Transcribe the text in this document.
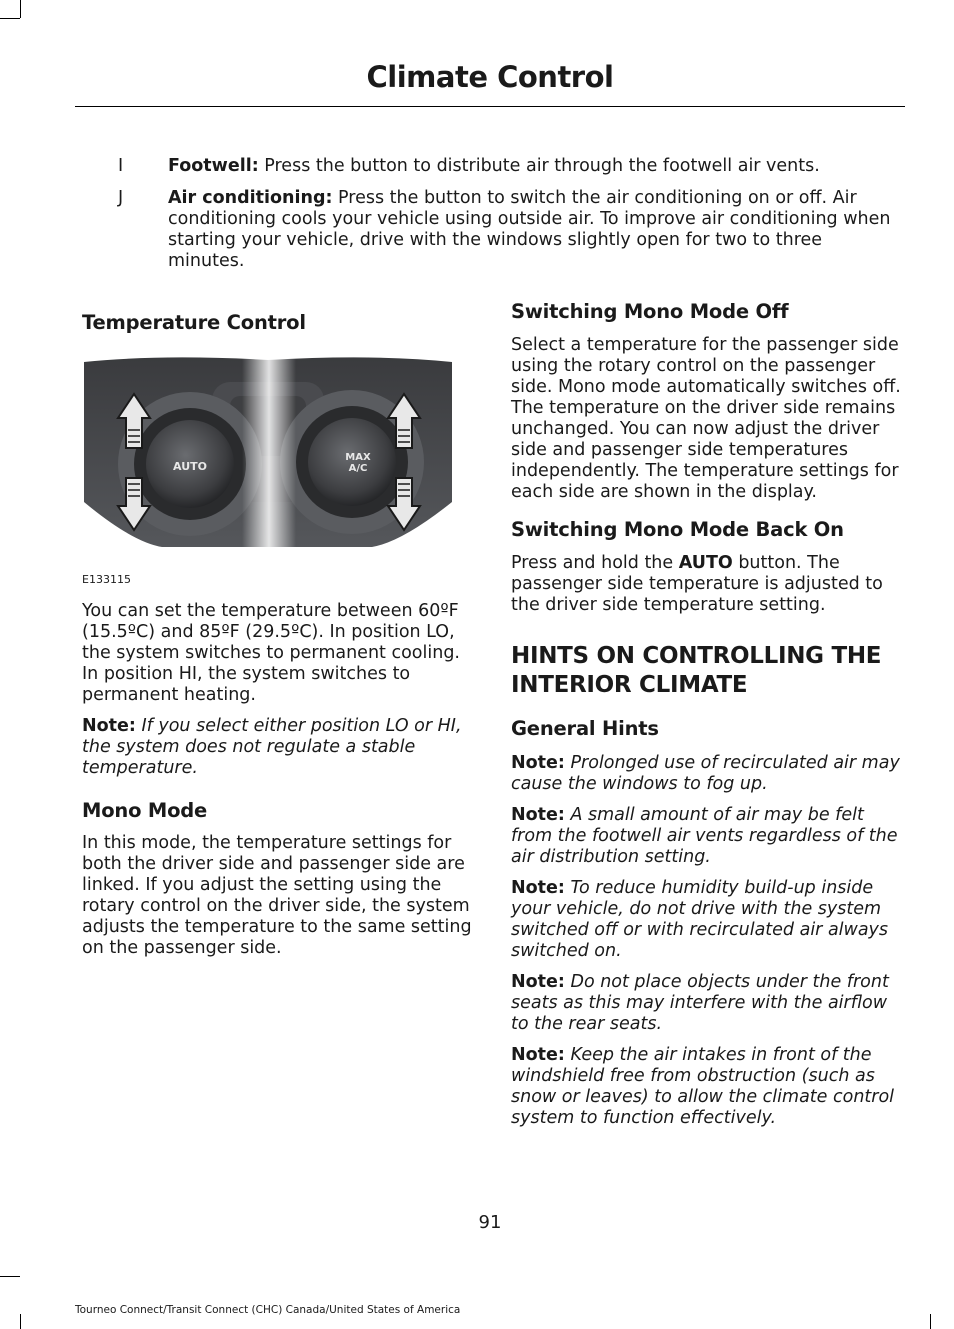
Climate Control
I	Footwell: Press the button to distribute air through the footwell air vents.
J	Air conditioning: Press the button to switch the air conditioning on or off. Air conditioning cools your vehicle using outside air. To improve air conditioning when starting your vehicle, drive with the windows slightly open for two to three minutes.

Temperature Control

AUTO
MAX
A/C
E133115

You can set the temperature between 60ºF (15.5ºC) and 85ºF (29.5ºC). In position LO, the system switches to permanent cooling. In position HI, the system switches to permanent heating.

Note: If you select either position LO or HI, the system does not regulate a stable temperature.

Mono Mode

In this mode, the temperature settings for both the driver side and passenger side are linked. If you adjust the setting using the rotary control on the driver side, the system adjusts the temperature to the same setting on the passenger side.

Switching Mono Mode Off

Select a temperature for the passenger side using the rotary control on the passenger side. Mono mode automatically switches off. The temperature on the driver side remains unchanged. You can now adjust the driver side and passenger side temperatures independently. The temperature settings for each side are shown in the display.

Switching Mono Mode Back On

Press and hold the AUTO button. The passenger side temperature is adjusted to the driver side temperature setting.

HINTS ON CONTROLLING THE INTERIOR CLIMATE

General Hints

Note: Prolonged use of recirculated air may cause the windows to fog up.

Note: A small amount of air may be felt from the footwell air vents regardless of the air distribution setting.

Note: To reduce humidity build-up inside your vehicle, do not drive with the system switched off or with recirculated air always switched on.

Note: Do not place objects under the front seats as this may interfere with the airflow to the rear seats.

Note: Keep the air intakes in front of the windshield free from obstruction (such as snow or leaves) to allow the climate control system to function effectively.

91
Tourneo Connect/Transit Connect (CHC) Canada/United States of America
